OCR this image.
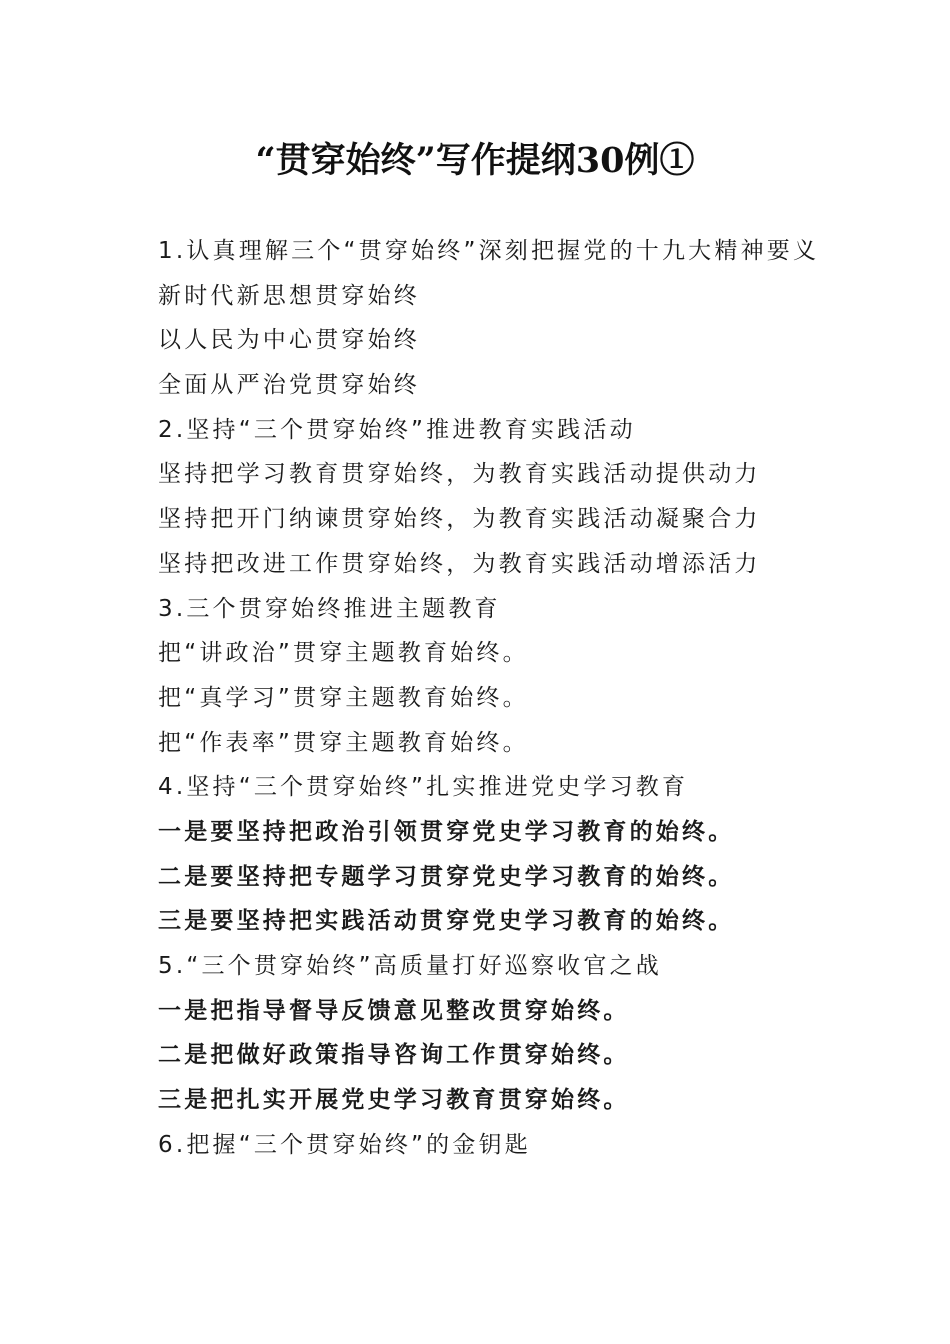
“贯穿始终”写作提纲30例①
1.认真理解三个“贯穿始终”深刻把握党的十九大精神要义
新时代新思想贯穿始终
以人民为中心贯穿始终
全面从严治党贯穿始终
2.坚持“三个贯穿始终”推进教育实践活动
坚持把学习教育贯穿始终，为教育实践活动提供动力
坚持把开门纳谏贯穿始终，为教育实践活动凝聚合力
坚持把改进工作贯穿始终，为教育实践活动增添活力
3.三个贯穿始终推进主题教育
把“讲政治”贯穿主题教育始终。
把“真学习”贯穿主题教育始终。
把“作表率”贯穿主题教育始终。
4.坚持“三个贯穿始终”扎实推进党史学习教育
一是要坚持把政治引领贯穿党史学习教育的始终。
二是要坚持把专题学习贯穿党史学习教育的始终。
三是要坚持把实践活动贯穿党史学习教育的始终。
5.“三个贯穿始终”高质量打好巡察收官之战
一是把指导督导反馈意见整改贯穿始终。
二是把做好政策指导咨询工作贯穿始终。
三是把扎实开展党史学习教育贯穿始终。
6.把握“三个贯穿始终”的金钥匙
